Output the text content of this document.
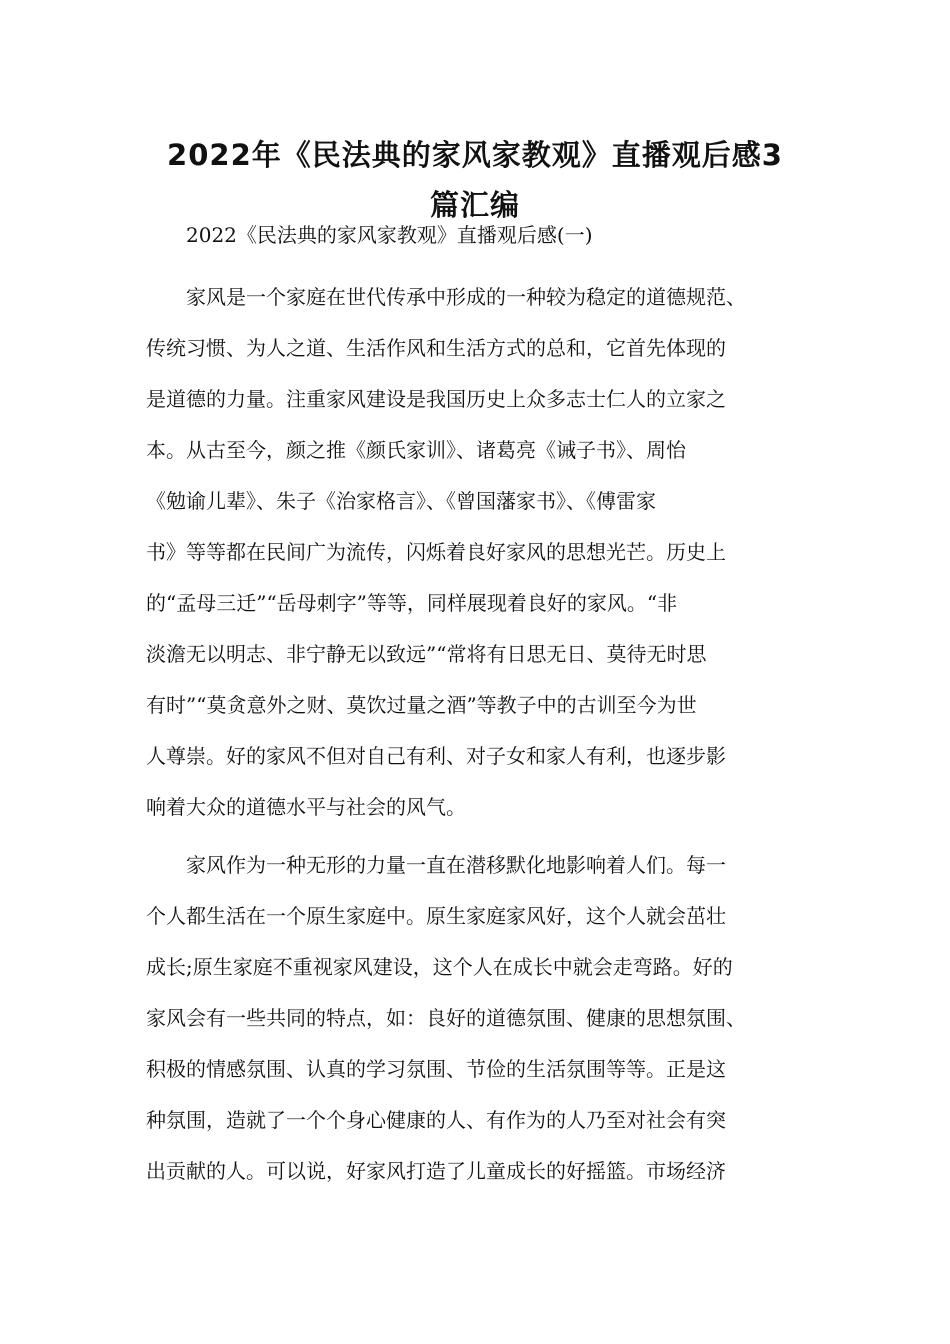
2022年《民法典的家风家教观》直播观后感3
篇汇编

2022《民法典的家风家教观》直播观后感(一)

家风是一个家庭在世代传承中形成的一种较为稳定的道德规范、
传统习惯、为人之道、生活作风和生活方式的总和，它首先体现的
是道德的力量。注重家风建设是我国历史上众多志士仁人的立家之
本。从古至今，颜之推《颜氏家训》、诸葛亮《诫子书》、周怡
《勉谕儿辈》、朱子《治家格言》、《曾国藩家书》、《傅雷家
书》等等都在民间广为流传，闪烁着良好家风的思想光芒。历史上
的“孟母三迁”“岳母刺字”等等，同样展现着良好的家风。“非
淡澹无以明志、非宁静无以致远”“常将有日思无日、莫待无时思
有时”“莫贪意外之财、莫饮过量之酒”等教子中的古训至今为世
人尊崇。好的家风不但对自己有利、对子女和家人有利，也逐步影
响着大众的道德水平与社会的风气。

家风作为一种无形的力量一直在潜移默化地影响着人们。每一
个人都生活在一个原生家庭中。原生家庭家风好，这个人就会茁壮
成长;原生家庭不重视家风建设，这个人在成长中就会走弯路。好的
家风会有一些共同的特点，如：良好的道德氛围、健康的思想氛围、
积极的情感氛围、认真的学习氛围、节俭的生活氛围等等。正是这
种氛围，造就了一个个身心健康的人、有作为的人乃至对社会有突
出贡献的人。可以说，好家风打造了儿童成长的好摇篮。市场经济
